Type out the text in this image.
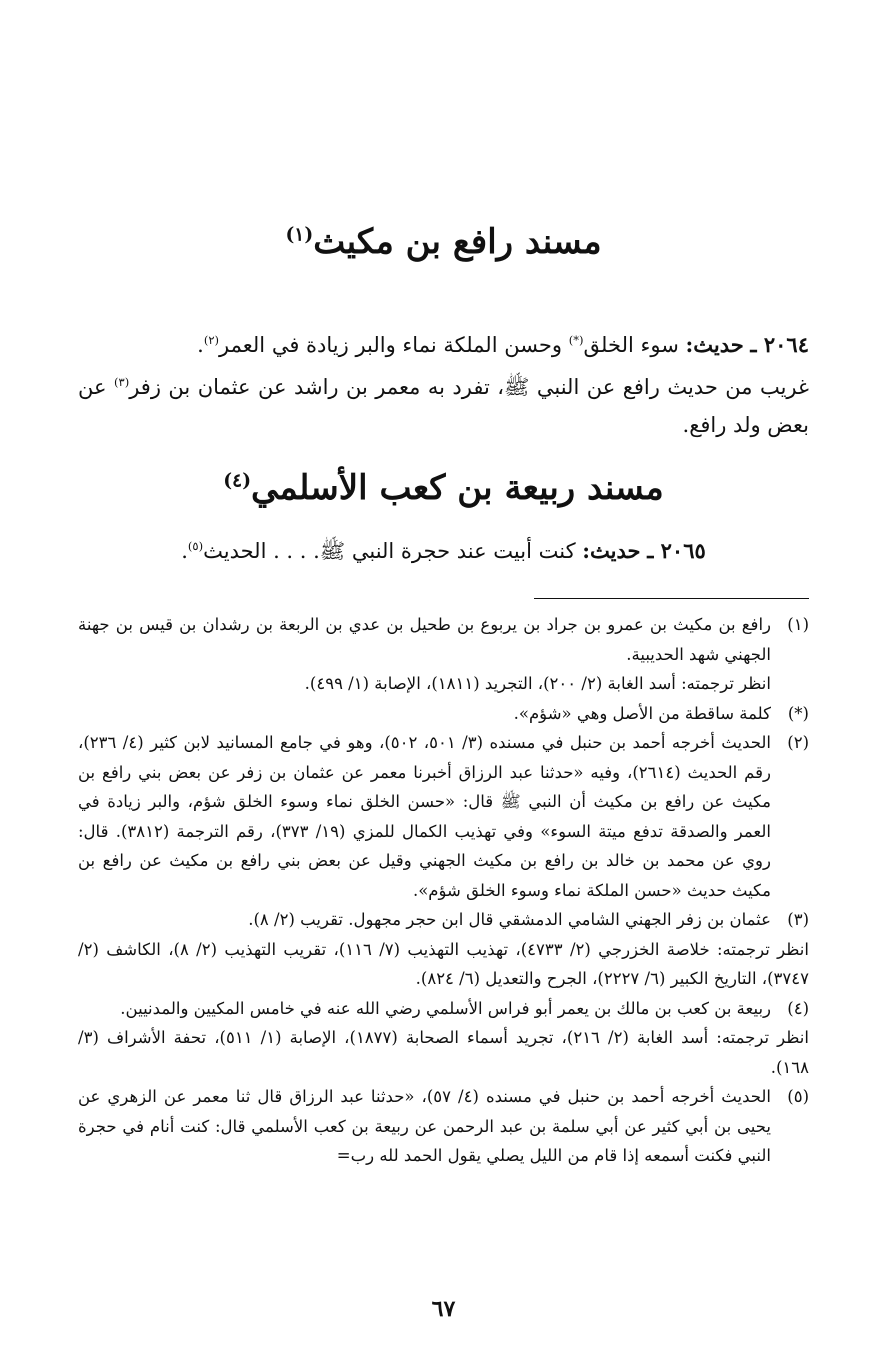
مسند رافع بن مكيث$^{(١)}$
٢٠٦٤ ـ حديث: سوء الخلق(*) وحسن الملكة نماء والبر زيادة في العمر$^{(٢)}$.
غريب من حديث رافع عن النبي ﷺ، تفرد به معمر بن راشد عن عثمان بن زفر$^{(٣)}$ عن بعض ولد رافع.
مسند ربيعة بن كعب الأسلمي$^{(٤)}$
٢٠٦٥ ـ حديث: كنت أبيت عند حجرة النبي ﷺ. . . . الحديث$^{(٥)}$.
(١)
رافع بن مكيث بن عمرو بن جراد بن يربوع بن طحيل بن عدي بن الربعة بن رشدان بن قيس بن جهنة الجهني شهد الحديبية.
انظر ترجمته: أسد الغابة (٢/ ٢٠٠)، التجريد (١٨١١)، الإصابة (١/ ٤٩٩).
(*)
كلمة ساقطة من الأصل وهي «شؤم».
(٢)
الحديث أخرجه أحمد بن حنبل في مسنده (٣/ ٥٠١، ٥٠٢)، وهو في جامع المسانيد لابن كثير (٤/ ٢٣٦)، رقم الحديث (٢٦١٤)، وفيه «حدثنا عبد الرزاق أخبرنا معمر عن عثمان بن زفر عن بعض بني رافع بن مكيث عن رافع بن مكيث أن النبي ﷺ قال: «حسن الخلق نماء وسوء الخلق شؤم، والبر زيادة في العمر والصدقة تدفع ميتة السوء» وفي تهذيب الكمال للمزي (١٩/ ٣٧٣)، رقم الترجمة (٣٨١٢). قال: روي عن محمد بن خالد بن رافع بن مكيث الجهني وقيل عن بعض بني رافع بن مكيث عن رافع بن مكيث حديث «حسن الملكة نماء وسوء الخلق شؤم».
(٣)
عثمان بن زفر الجهني الشامي الدمشقي قال ابن حجر مجهول. تقريب (٢/ ٨).
انظر ترجمته: خلاصة الخزرجي (٢/ ٤٧٣٣)، تهذيب التهذيب (٧/ ١١٦)، تقريب التهذيب (٢/ ٨)، الكاشف (٢/ ٣٧٤٧)، التاريخ الكبير (٦/ ٢٢٢٧)، الجرح والتعديل (٦/ ٨٢٤).
(٤)
ربيعة بن كعب بن مالك بن يعمر أبو فراس الأسلمي رضي الله عنه في خامس المكيين والمدنيين.
انظر ترجمته: أسد الغابة (٢/ ٢١٦)، تجريد أسماء الصحابة (١٨٧٧)، الإصابة (١/ ٥١١)، تحفة الأشراف (٣/ ١٦٨).
(٥)
الحديث أخرجه أحمد بن حنبل في مسنده (٤/ ٥٧)، «حدثنا عبد الرزاق قال ثنا معمر عن الزهري عن يحيى بن أبي كثير عن أبي سلمة بن عبد الرحمن عن ربيعة بن كعب الأسلمي قال: كنت أنام في حجرة النبي فكنت أسمعه إذا قام من الليل يصلي يقول الحمد لله رب=
٦٧
